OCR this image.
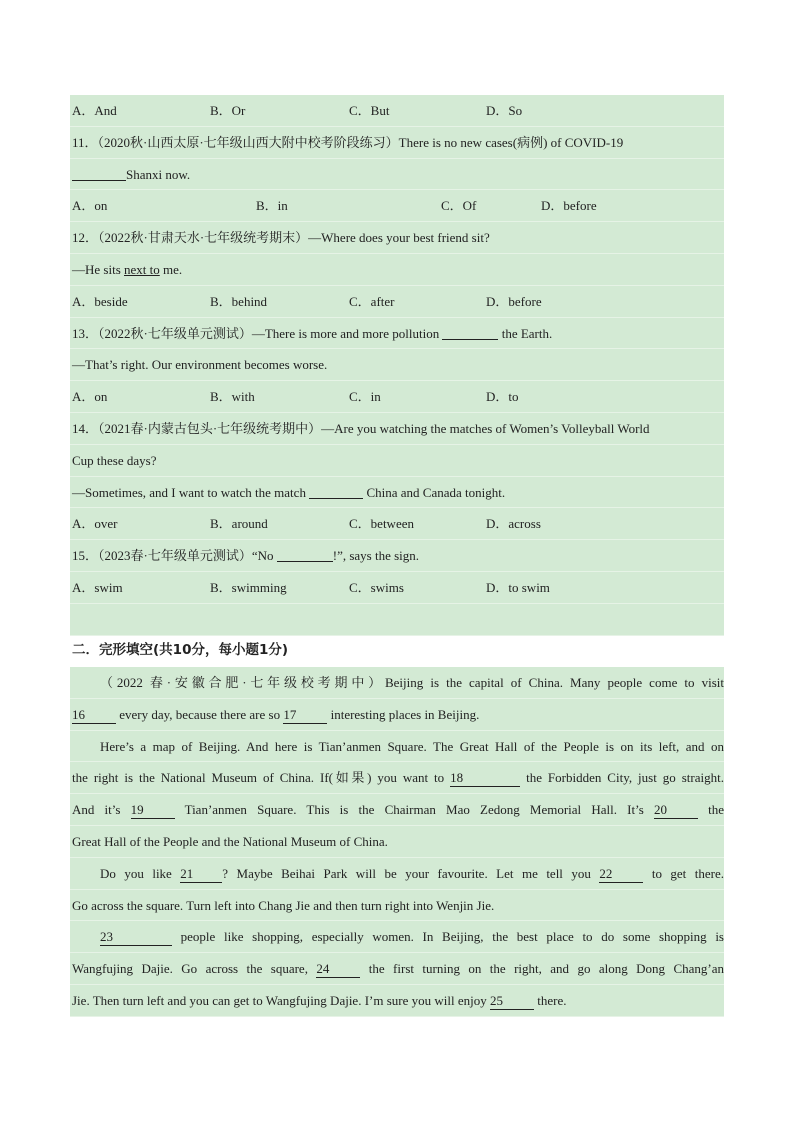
A．And	B．Or	C．But	D．So
11．（2020秋·山西太原·七年级山西大附中校考阶段练习）There is no new cases(病例) of COVID-19
Shanxi now.
A．on	B．in	C．Of	D．before
12．（2022秋·甘肃天水·七年级统考期末）—Where does your best friend sit?
—He sits next to me.
A．beside	B．behind	C．after	D．before
13．（2022秋·七年级单元测试）—There is more and more pollution	the Earth.
—That’s right. Our environment becomes worse.
A．on	B．with	C．in	D．to
14．（2021春·内蒙古包头·七年级统考期中）—Are you watching the matches of Women’s Volleyball World
Cup these days?
—Sometimes, and I want to watch the match	China and Canada tonight.
A．over	B．around	C．between	D．across
15．（2023春·七年级单元测试）“No	!”, says the sign.
A．swim	B．swimming	C．swims	D．to swim
二．完形填空(共10分，每小题1分)
（2022 春·安徽合肥·七年级校考期中）Beijing is the capital of China. Many people come to visit
16 every day, because there are so 17 interesting places in Beijing.
Here’s a map of Beijing. And here is Tian’anmen Square. The Great Hall of the People is on its left, and on
the right is the National Museum of China. If(如果) you want to 18	the Forbidden City, just go straight.
And it’s 19 Tian’anmen Square. This is the Chairman Mao Zedong Memorial Hall. It’s 20 the
Great Hall of the People and the National Museum of China.
Do you like 21 ? Maybe Beihai Park will be your favourite. Let me tell you 22 to get there.
Go across the square. Turn left into Chang Jie and then turn right into Wenjin Jie.
23	people like shopping, especially women. In Beijing, the best place to do some shopping is
Wangfujing Dajie. Go across the square, 24 the first turning on the right, and go along Dong Chang’an
Jie. Then turn left and you can get to Wangfujing Dajie. I’m sure you will enjoy 25 there.
